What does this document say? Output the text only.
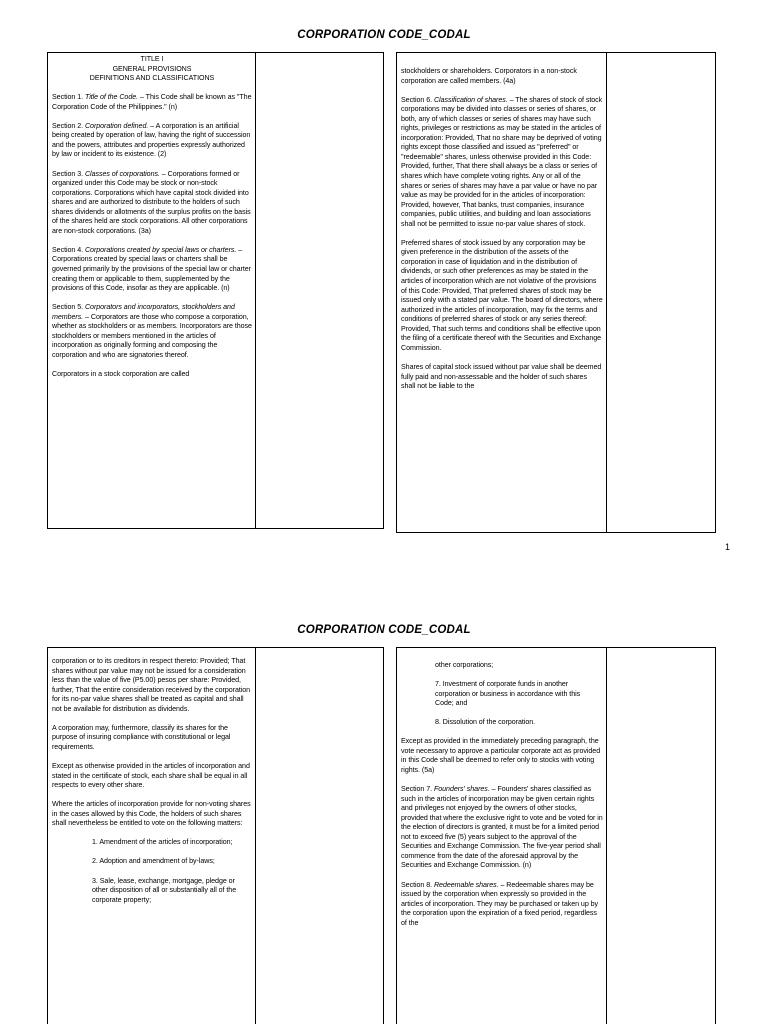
CORPORATION CODE_CODAL
TITLE I
GENERAL PROVISIONS
DEFINITIONS AND CLASSIFICATIONS

Section 1. Title of the Code. – This Code shall be known as "The Corporation Code of the Philippines." (n)

Section 2. Corporation defined. – A corporation is an artificial being created by operation of law, having the right of succession and the powers, attributes and properties expressly authorized by law or incident to its existence. (2)

Section 3. Classes of corporations. – Corporations formed or organized under this Code may be stock or non-stock corporations. Corporations which have capital stock divided into shares and are authorized to distribute to the holders of such shares dividends or allotments of the surplus profits on the basis of the shares held are stock corporations. All other corporations are non-stock corporations. (3a)

Section 4. Corporations created by special laws or charters. – Corporations created by special laws or charters shall be governed primarily by the provisions of the special law or charter creating them or applicable to them, supplemented by the provisions of this Code, insofar as they are applicable. (n)

Section 5. Corporators and incorporators, stockholders and members. – Corporators are those who compose a corporation, whether as stockholders or as members. Incorporators are those stockholders or members mentioned in the articles of incorporation as originally forming and composing the corporation and who are signatories thereof.

Corporators in a stock corporation are called

stockholders or shareholders. Corporators in a non-stock corporation are called members. (4a)

Section 6. Classification of shares. – The shares of stock of stock corporations may be divided into classes or series of shares, or both, any of which classes or series of shares may have such rights, privileges or restrictions as may be stated in the articles of incorporation: Provided, That no share may be deprived of voting rights except those classified and issued as "preferred" or "redeemable" shares, unless otherwise provided in this Code: Provided, further, That there shall always be a class or series of shares which have complete voting rights. Any or all of the shares or series of shares may have a par value or have no par value as may be provided for in the articles of incorporation: Provided, however, That banks, trust companies, insurance companies, public utilities, and building and loan associations shall not be permitted to issue no-par value shares of stock.

Preferred shares of stock issued by any corporation may be given preference in the distribution of the assets of the corporation in case of liquidation and in the distribution of dividends, or such other preferences as may be stated in the articles of incorporation which are not violative of the provisions of this Code: Provided, That preferred shares of stock may be issued only with a stated par value. The board of directors, where authorized in the articles of incorporation, may fix the terms and conditions of preferred shares of stock or any series thereof: Provided, That such terms and conditions shall be effective upon the filing of a certificate thereof with the Securities and Exchange Commission.

Shares of capital stock issued without par value shall be deemed fully paid and non-assessable and the holder of such shares shall not be liable to the

1
CORPORATION CODE_CODAL

corporation or to its creditors in respect thereto: Provided; That shares without par value may not be issued for a consideration less than the value of five (P5.00) pesos per share: Provided, further, That the entire consideration received by the corporation for its no-par value shares shall be treated as capital and shall not be available for distribution as dividends.

A corporation may, furthermore, classify its shares for the purpose of insuring compliance with constitutional or legal requirements.

Except as otherwise provided in the articles of incorporation and stated in the certificate of stock, each share shall be equal in all respects to every other share.

Where the articles of incorporation provide for non-voting shares in the cases allowed by this Code, the holders of such shares shall nevertheless be entitled to vote on the following matters:

1. Amendment of the articles of incorporation;

2. Adoption and amendment of by-laws;

3. Sale, lease, exchange, mortgage, pledge or other disposition of all or substantially all of the corporate property;

other corporations;

7. Investment of corporate funds in another corporation or business in accordance with this Code; and

8. Dissolution of the corporation.

Except as provided in the immediately preceding paragraph, the vote necessary to approve a particular corporate act as provided in this Code shall be deemed to refer only to stocks with voting rights. (5a)

Section 7. Founders' shares. – Founders' shares classified as such in the articles of incorporation may be given certain rights and privileges not enjoyed by the owners of other stocks, provided that where the exclusive right to vote and be voted for in the election of directors is granted, it must be for a limited period not to exceed five (5) years subject to the approval of the Securities and Exchange Commission. The five-year period shall commence from the date of the aforesaid approval by the Securities and Exchange Commission. (n)

Section 8. Redeemable shares. – Redeemable shares may be issued by the corporation when expressly so provided in the articles of incorporation. They may be purchased or taken up by the corporation upon the expiration of a fixed period, regardless of the
